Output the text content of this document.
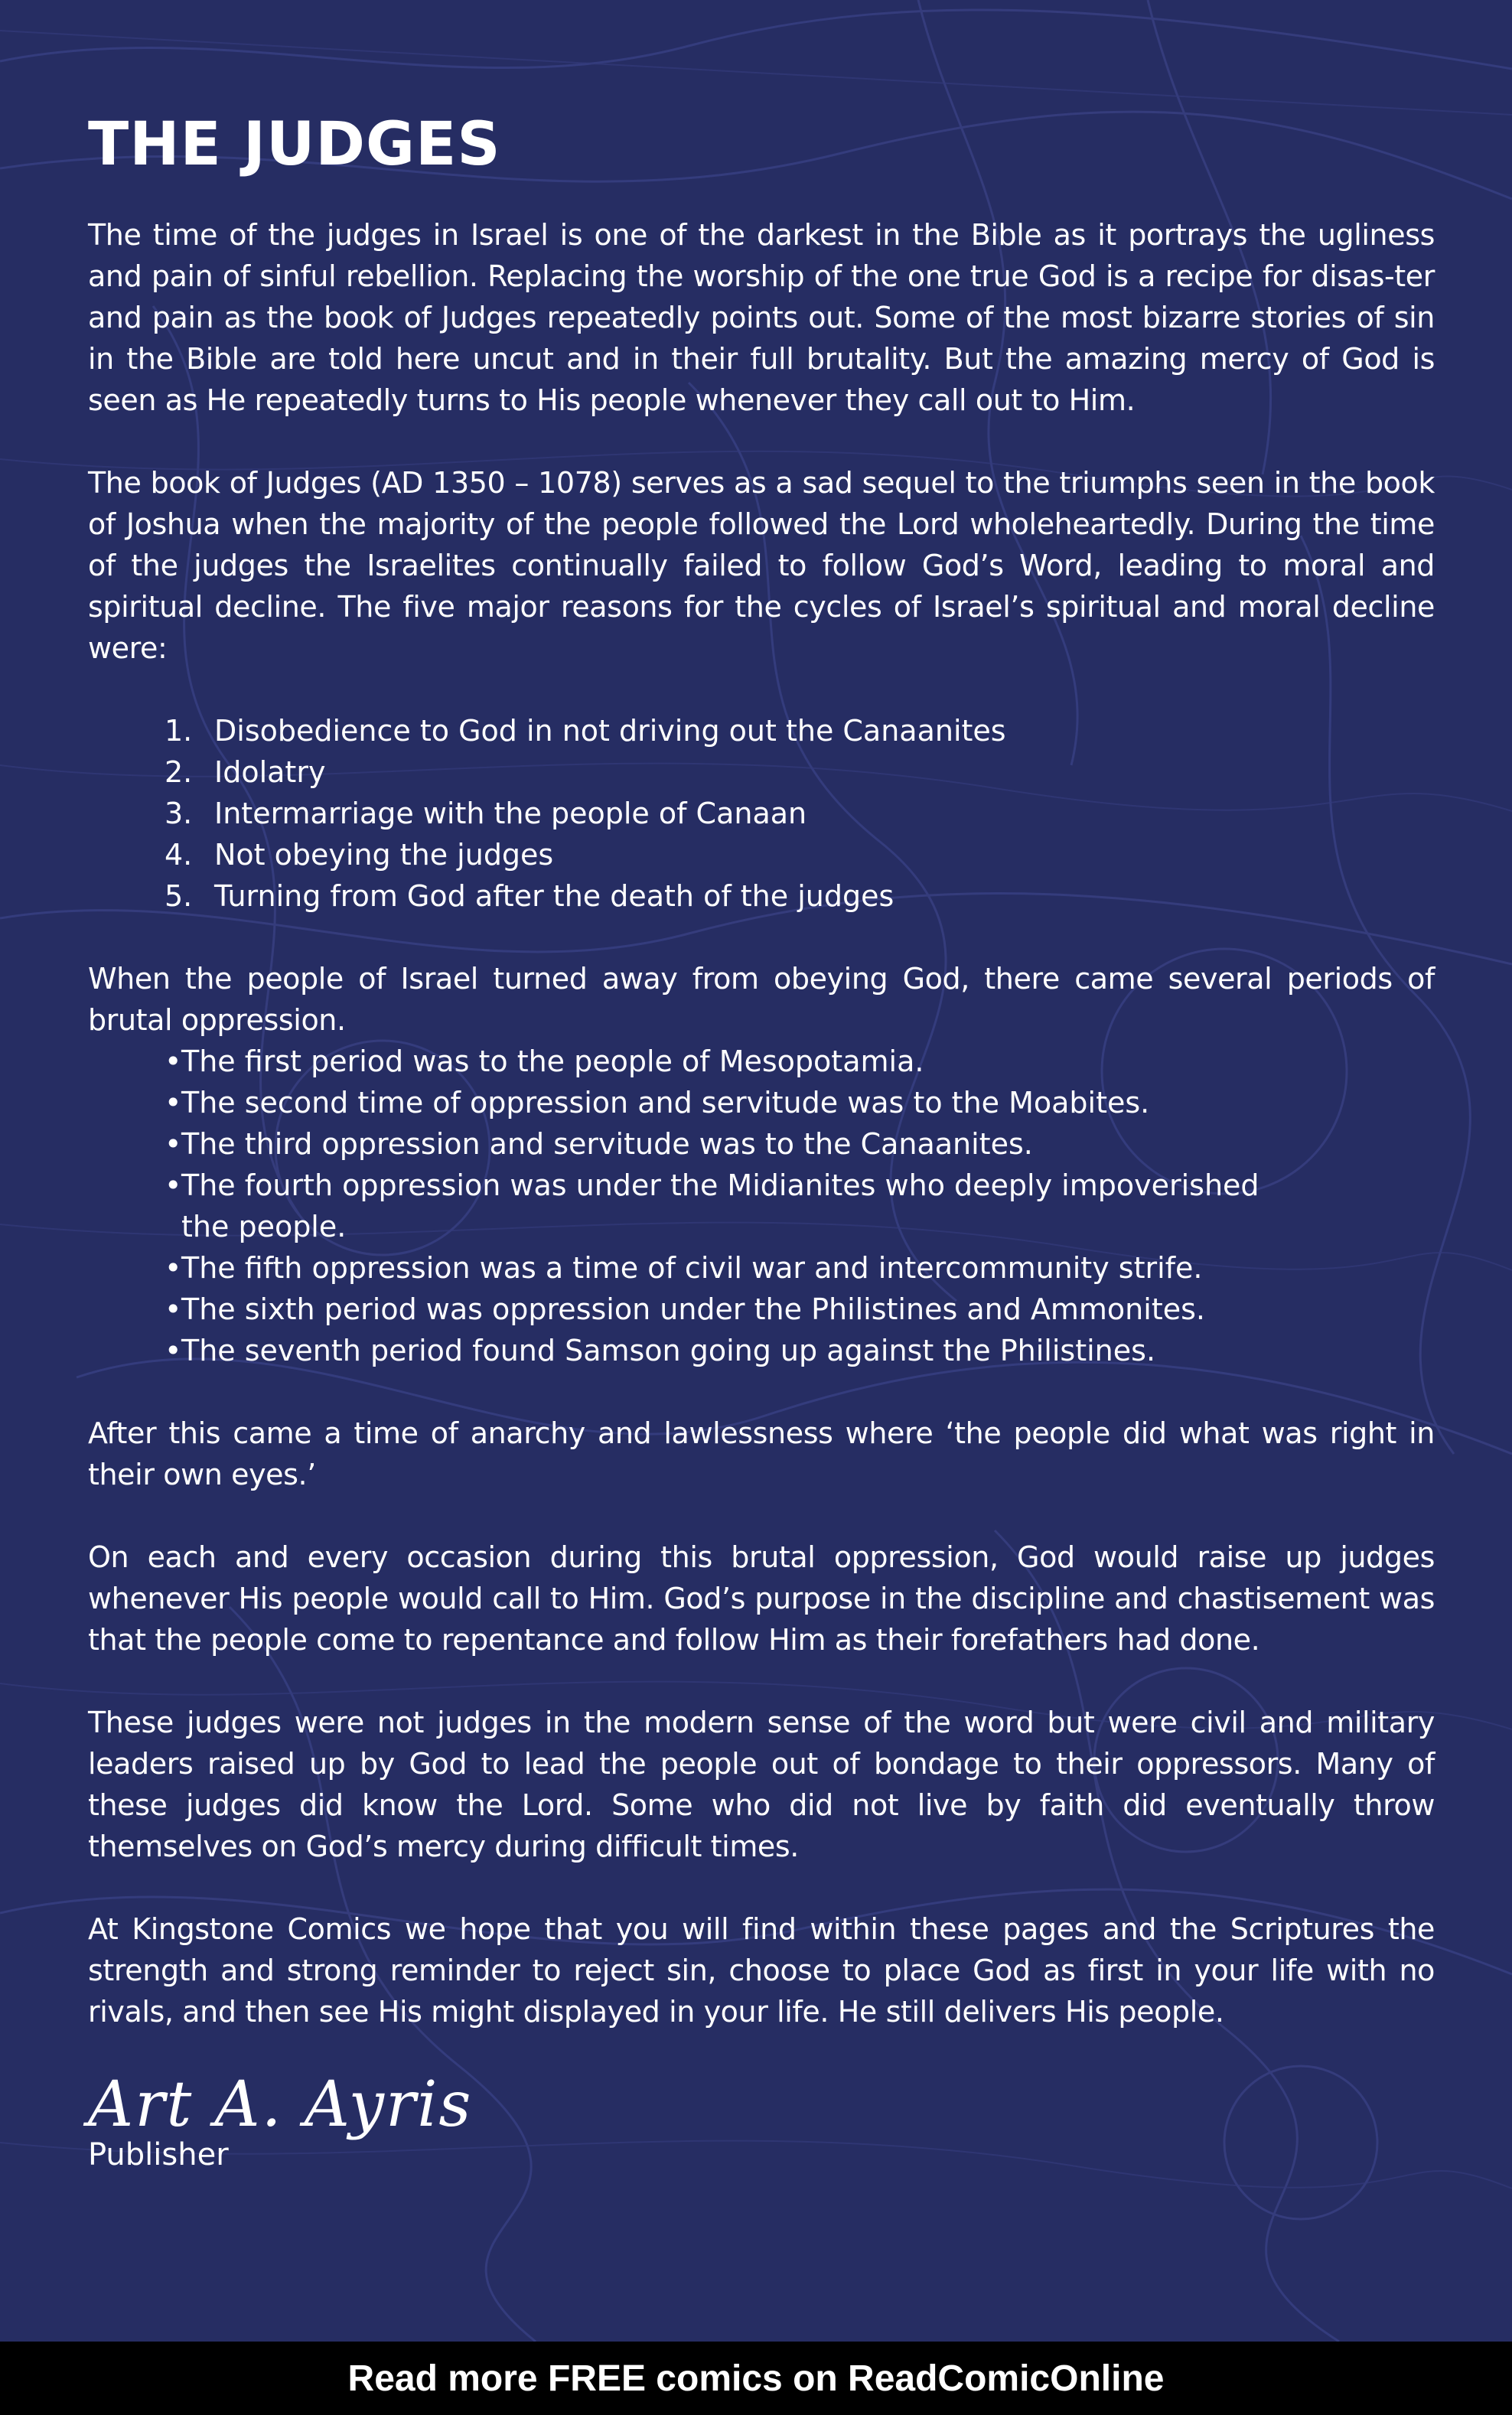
THE JUDGES

The time of the judges in Israel is one of the darkest in the Bible as it portrays the ugliness and pain of sinful rebellion. Replacing the worship of the one true God is a recipe for disas-ter and pain as the book of Judges repeatedly points out. Some of the most bizarre stories of sin in the Bible are told here uncut and in their full brutality. But the amazing mercy of God is seen as He repeatedly turns to His people whenever they call out to Him.

The book of Judges (AD 1350 – 1078) serves as a sad sequel to the triumphs seen in the book of Joshua when the majority of the people followed the Lord wholeheartedly. During the time of the judges the Israelites continually failed to follow God’s Word, leading to moral and spiritual decline. The five major reasons for the cycles of Israel’s spiritual and moral decline were:

1. Disobedience to God in not driving out the Canaanites
2. Idolatry
3. Intermarriage with the people of Canaan
4. Not obeying the judges
5. Turning from God after the death of the judges

When the people of Israel turned away from obeying God, there came several periods of brutal oppression.

• The first period was to the people of Mesopotamia.
• The second time of oppression and servitude was to the Moabites.
• The third oppression and servitude was to the Canaanites.
• The fourth oppression was under the Midianites who deeply impoverished the people.
• The fifth oppression was a time of civil war and intercommunity strife.
• The sixth period was oppression under the Philistines and Ammonites.
• The seventh period found Samson going up against the Philistines.

After this came a time of anarchy and lawlessness where ‘the people did what was right in their own eyes.’

On each and every occasion during this brutal oppression, God would raise up judges whenever His people would call to Him. God’s purpose in the discipline and chastisement was that the people come to repentance and follow Him as their forefathers had done.

These judges were not judges in the modern sense of the word but were civil and military leaders raised up by God to lead the people out of bondage to their oppressors. Many of these judges did know the Lord. Some who did not live by faith did eventually throw themselves on God’s mercy during difficult times.

At Kingstone Comics we hope that you will find within these pages and the Scriptures the strength and strong reminder to reject sin, choose to place God as first in your life with no rivals, and then see His might displayed in your life. He still delivers His people.

Art A. Ayris
Publisher
Read more FREE comics on ReadComicOnline
